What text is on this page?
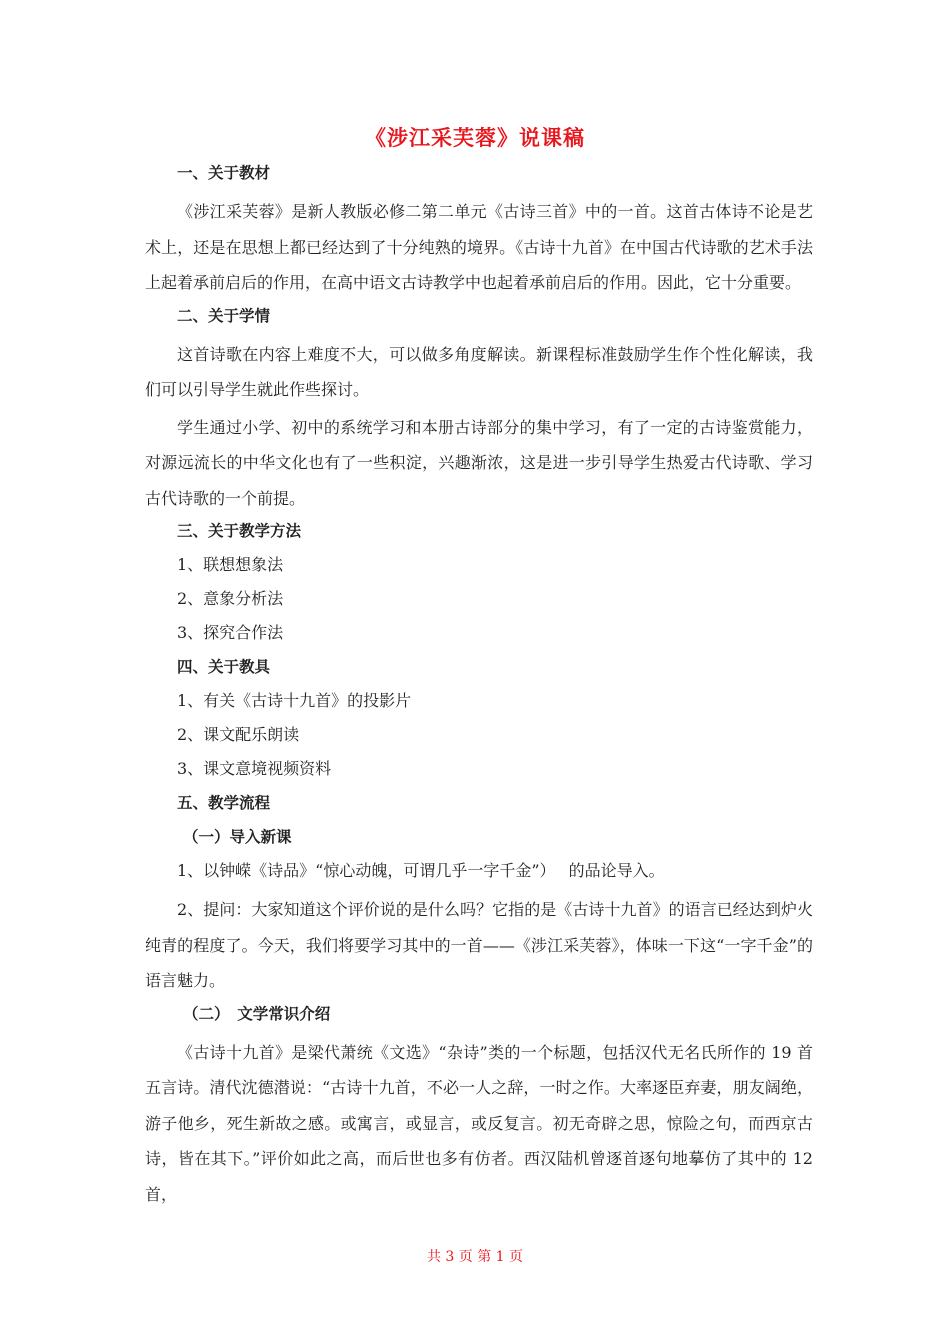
《涉江采芙蓉》说课稿
一、关于教材
《涉江采芙蓉》是新人教版必修二第二单元《古诗三首》中的一首。这首古体诗不论是艺术上，还是在思想上都已经达到了十分纯熟的境界。《古诗十九首》在中国古代诗歌的艺术手法上起着承前启后的作用，在高中语文古诗教学中也起着承前启后的作用。因此，它十分重要。
二、关于学情
这首诗歌在内容上难度不大，可以做多角度解读。新课程标准鼓励学生作个性化解读，我们可以引导学生就此作些探讨。
学生通过小学、初中的系统学习和本册古诗部分的集中学习，有了一定的古诗鉴赏能力，对源远流长的中华文化也有了一些积淀，兴趣渐浓，这是进一步引导学生热爱古代诗歌、学习古代诗歌的一个前提。
三、关于教学方法
1、联想想象法
2、意象分析法
3、探究合作法
四、关于教具
1、有关《古诗十九首》的投影片
2、课文配乐朗读
3、课文意境视频资料
五、教学流程
（一）导入新课
1、以钟嵘《诗品》“惊心动魄，可谓几乎一字千金”）　 的品论导入。
2、提问：大家知道这个评价说的是什么吗？它指的是《古诗十九首》的语言已经达到炉火纯青的程度了。今天，我们将要学习其中的一首——《涉江采芙蓉》，体味一下这“一字千金”的语言魅力。
（二）　文学常识介绍
《古诗十九首》是梁代萧统《文选》“杂诗”类的一个标题，包括汉代无名氏所作的 19 首五言诗。清代沈德潜说：“古诗十九首，不必一人之辞，一时之作。大率逐臣弃妻，朋友阔绝，游子他乡，死生新故之感。或寓言，或显言，或反复言。初无奇辟之思，惊险之句，而西京古诗，皆在其下。”评价如此之高，而后世也多有仿者。西汉陆机曾逐首逐句地摹仿了其中的 12 首，
共 3 页 第 1 页
